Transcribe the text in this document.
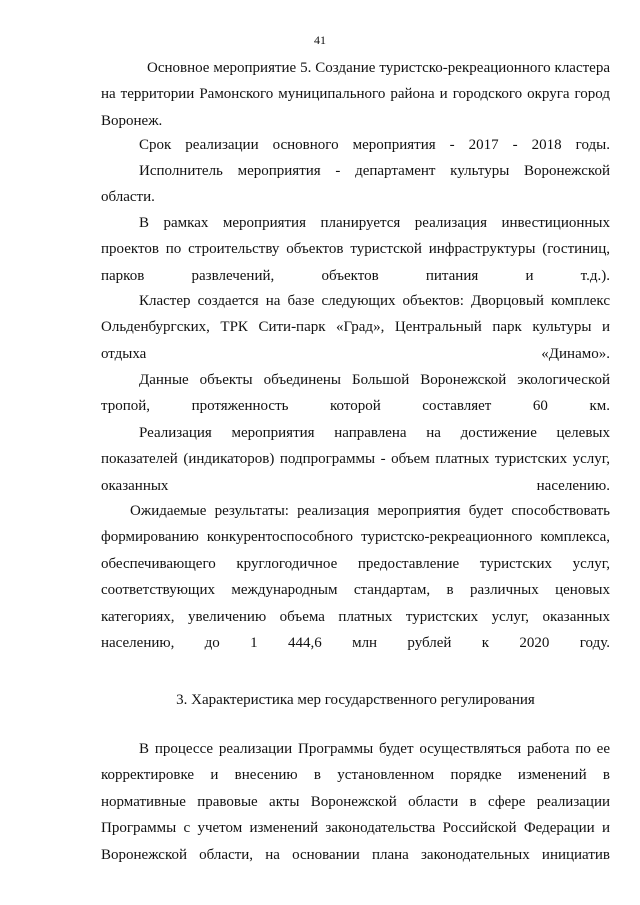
41

Основное мероприятие 5. Создание туристско-рекреационного кластера на территории Рамонского муниципального района и городского округа город Воронеж.

Срок реализации основного мероприятия - 2017 - 2018 годы.

Исполнитель мероприятия - департамент культуры Воронежской области.

В рамках мероприятия планируется реализация инвестиционных проектов по строительству объектов туристской инфраструктуры (гостиниц, парков развлечений, объектов питания и т.д.).

Кластер создается на базе следующих объектов: Дворцовый комплекс Ольденбургских, ТРК Сити-парк «Град», Центральный парк культуры и отдыха «Динамо».

Данные объекты объединены Большой Воронежской экологической тропой, протяженность которой составляет 60 км.

Реализация мероприятия направлена на достижение целевых показателей (индикаторов) подпрограммы - объем платных туристских услуг, оказанных населению.

Ожидаемые результаты: реализация мероприятия будет способствовать формированию конкурентоспособного туристско-рекреационного комплекса, обеспечивающего круглогодичное предоставление туристских услуг, соответствующих международным стандартам, в различных ценовых категориях, увеличению объема платных туристских услуг, оказанных населению, до 1 444,6 млн рублей к 2020 году.

3. Характеристика мер государственного регулирования

В процессе реализации Программы будет осуществляться работа по ее корректировке и внесению в установленном порядке изменений в нормативные правовые акты Воронежской области в сфере реализации Программы с учетом изменений законодательства Российской Федерации и Воронежской области, на основании плана законодательных инициатив
